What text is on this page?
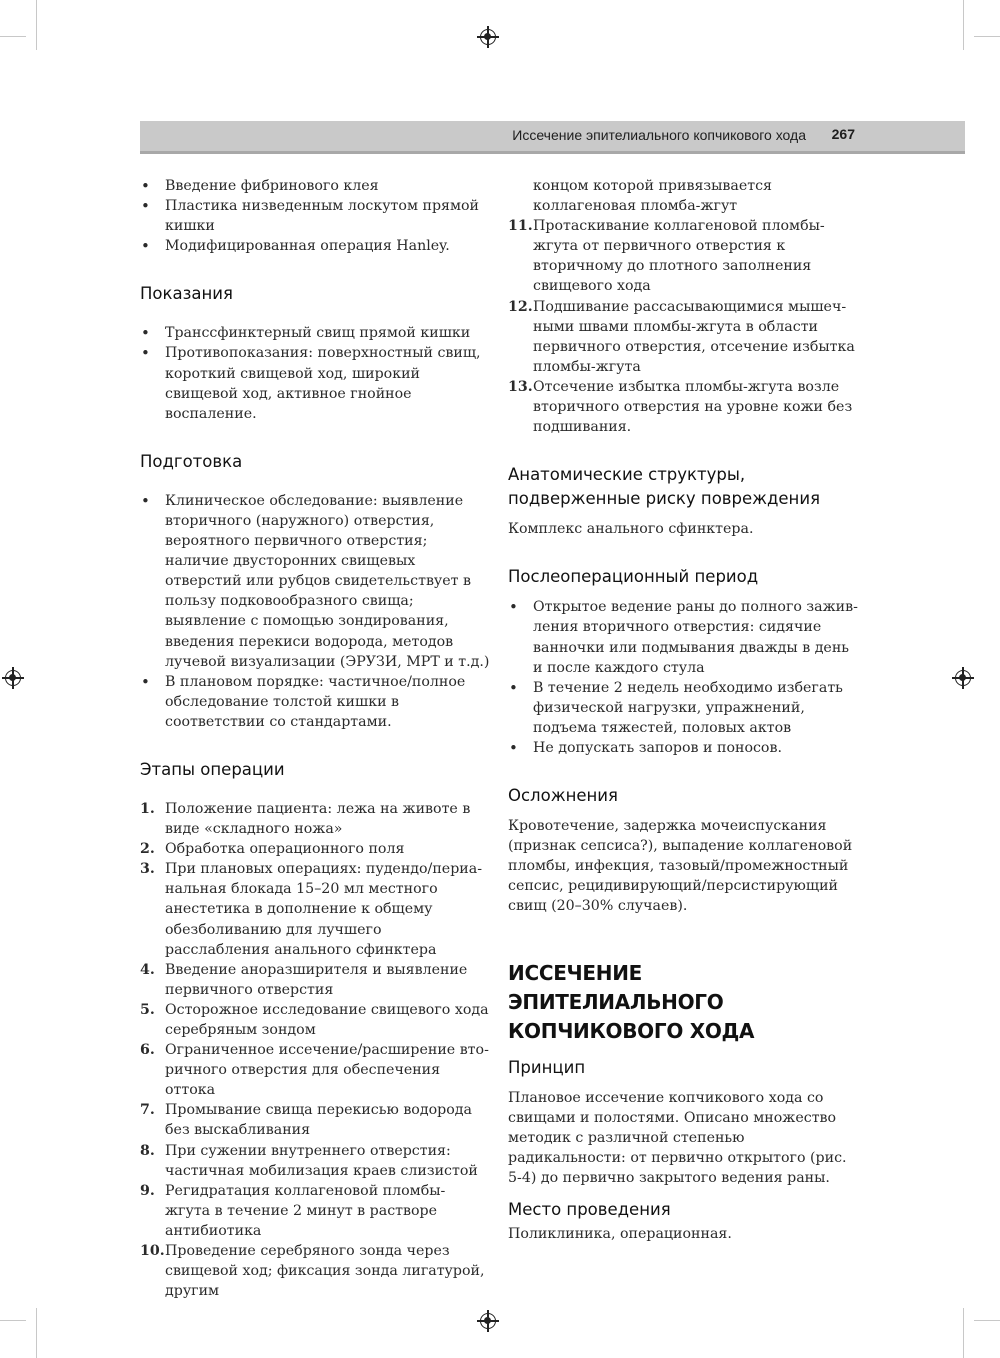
Иссечение эпителиального копчикового хода 267
• Введение фибринового клея
• Пластика низведенным лоскутом прямой кишки
• Модифицированная операция Hanley.
Показания
• Транссфинктерный свищ прямой кишки
• Противопоказания: поверхностный свищ, короткий свищевой ход, широкий свищевой ход, активное гнойное воспаление.
Подготовка
• Клиническое обследование: выявление вторичного (наружного) отверстия, вероятного первичного отверстия; наличие двусторонних свищевых отверстий или рубцов свидетельствует в пользу подковообразного свища; выявление с помощью зондирования, введения перекиси водорода, методов лучевой визуализации (ЭРУЗИ, МРТ и т.д.)
• В плановом порядке: частичное/полное обследование толстой кишки в соответствии со стандартами.
Этапы операции
1. Положение пациента: лежа на животе в виде «складного ножа»
2. Обработка операционного поля
3. При плановых операциях: пудендо/перианальная блокада 15–20 мл местного анестетика в дополнение к общему обезболиванию для лучшего расслабления анального сфинктера
4. Введение аноразширителя и выявление первичного отверстия
5. Осторожное исследование свищевого хода серебряным зондом
6. Ограниченное иссечение/расширение вторичного отверстия для обеспечения оттока
7. Промывание свища перекисью водорода без выскабливания
8. При сужении внутреннего отверстия: частичная мобилизация краев слизистой
9. Регидратация коллагеновой пломбы-жгута в течение 2 минут в растворе антибиотика
10. Проведение серебряного зонда через свищевой ход; фиксация зонда лигатурой, другим

концом которой привязывается коллагеновая пломба-жгут

11. Протаскивание коллагеновой пломбы-жгута от первичного отверстия к вторичному до плотного заполнения свищевого хода
12. Подшивание рассасывающимися мышечными швами пломбы-жгута в области первичного отверстия, отсечение избытка пломбы-жгута
13. Отсечение избытка пломбы-жгута возле вторичного отверстия на уровне кожи без подшивания.
Анатомические структуры, подверженные риску повреждения

Комплекс анального сфинктера.

Послеоперационный период
• Открытое ведение раны до полного заживления вторичного отверстия: сидячие ванночки или подмывания дважды в день и после каждого стула
• В течение 2 недель необходимо избегать физической нагрузки, упражнений, подъема тяжестей, половых актов
• Не допускать запоров и поносов.
Осложнения

Кровотечение, задержка мочеиспускания (признак сепсиса?), выпадение коллагеновой пломбы, инфекция, тазовый/промежностный сепсис, рецидивирующий/персистирующий свищ (20–30% случаев).

ИССЕЧЕНИЕ ЭПИТЕЛИАЛЬНОГО КОПЧИКОВОГО ХОДА
Принцип

Плановое иссечение копчикового хода со свищами и полостями. Описано множество методик с различной степенью радикальности: от первично открытого (рис. 5-4) до первично закрытого ведения раны.

Место проведения

Поликлиника, операционная.
